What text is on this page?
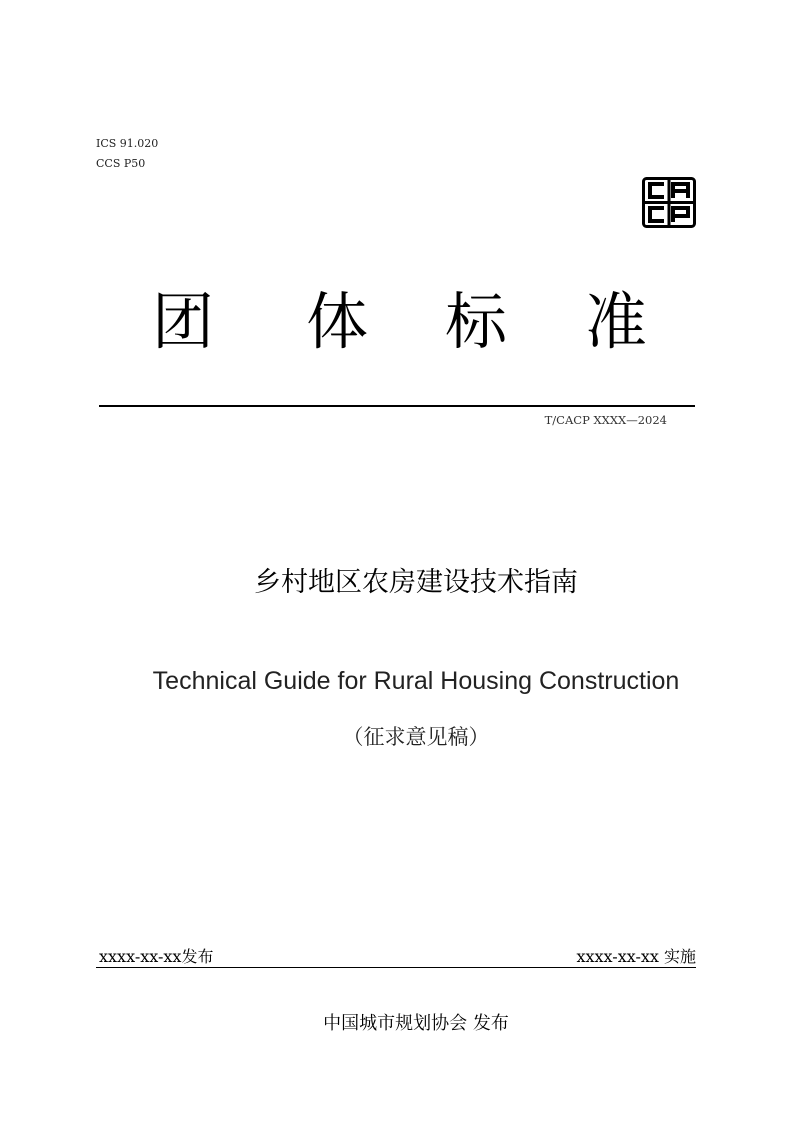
ICS 91.020
CCS P50
团 体 标 准
T/CACP XXXX—2024
乡村地区农房建设技术指南
Technical Guide for Rural Housing Construction
（征求意见稿）
xxxx-xx-xx发布	xxxx-xx-xx 实施
中国城市规划协会 发布
